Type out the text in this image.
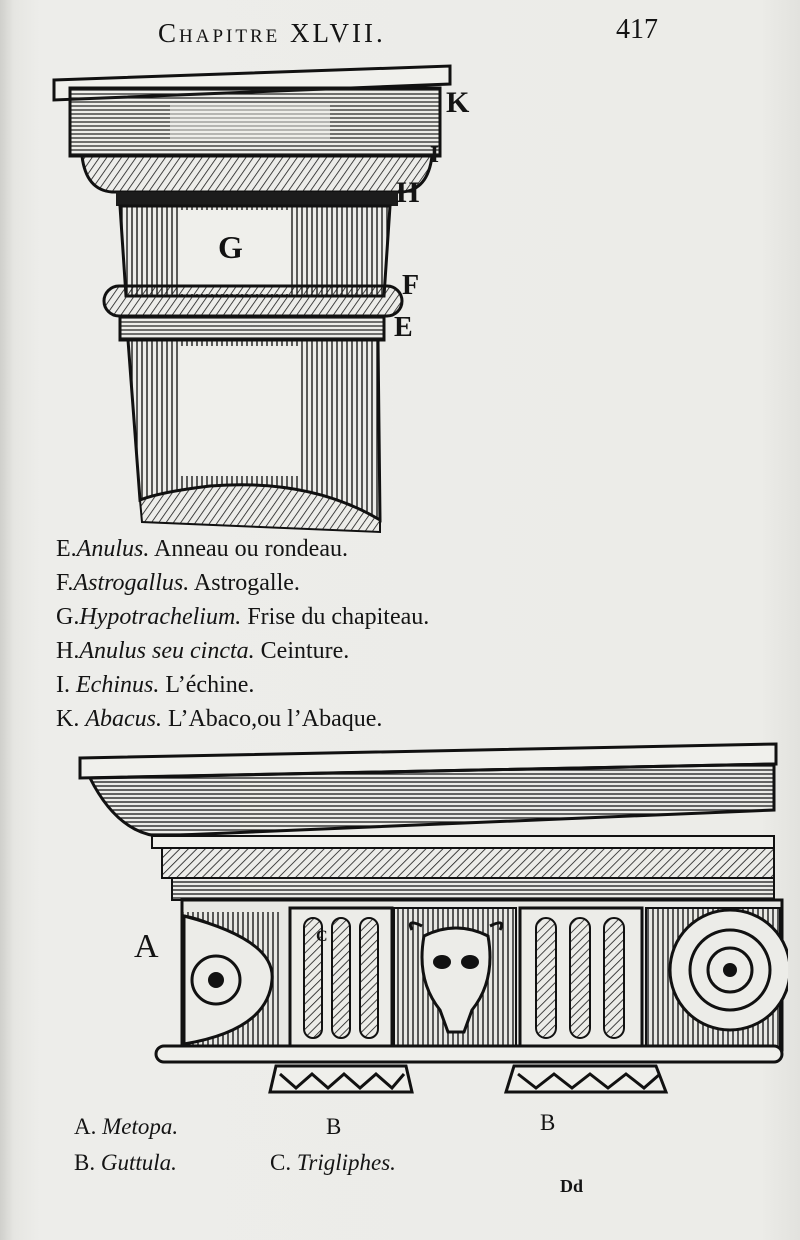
Chapitre XLVII.	417
G
K
I
H
F
E
E.Anulus. Anneau ou rondeau.
F.Astrogallus. Astrogalle.
G.Hypotrachelium. Frise du chapiteau.
H.Anulus seu cincta. Ceinture.
I. Echinus. L’échine.
K. Abacus. L’Abaco,ou l’Abaque.
A	C
B	B
A. Metopa.
B. Guttula.	C. Trigliphes.
Dd
